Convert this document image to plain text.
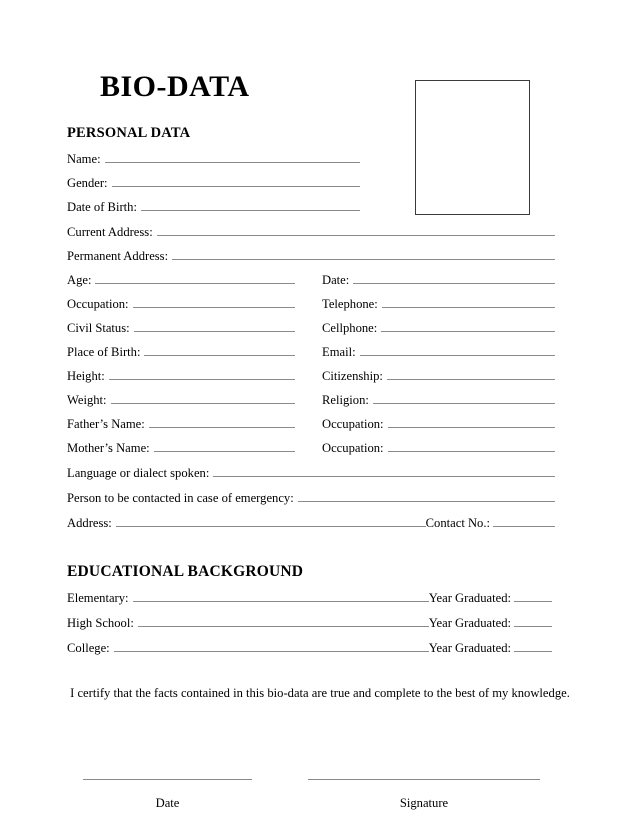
BIO-DATA
PERSONAL DATA
Name:
Gender:
Date of Birth:
Current Address:
Permanent Address:
Age:	Date:
Occupation:	Telephone:
Civil Status:	Cellphone:
Place of Birth:	Email:
Height:	Citizenship:
Weight:	Religion:
Father’s Name:	Occupation:
Mother’s Name:	Occupation:
Language or dialect spoken:
Person to be contacted in case of emergency:
Address:	Contact No.:
EDUCATIONAL BACKGROUND
Elementary:	Year Graduated:
High School:	Year Graduated:
College:	Year Graduated:
I certify that the facts contained in this bio-data are true and complete to the best of my knowledge.
Date	Signature
